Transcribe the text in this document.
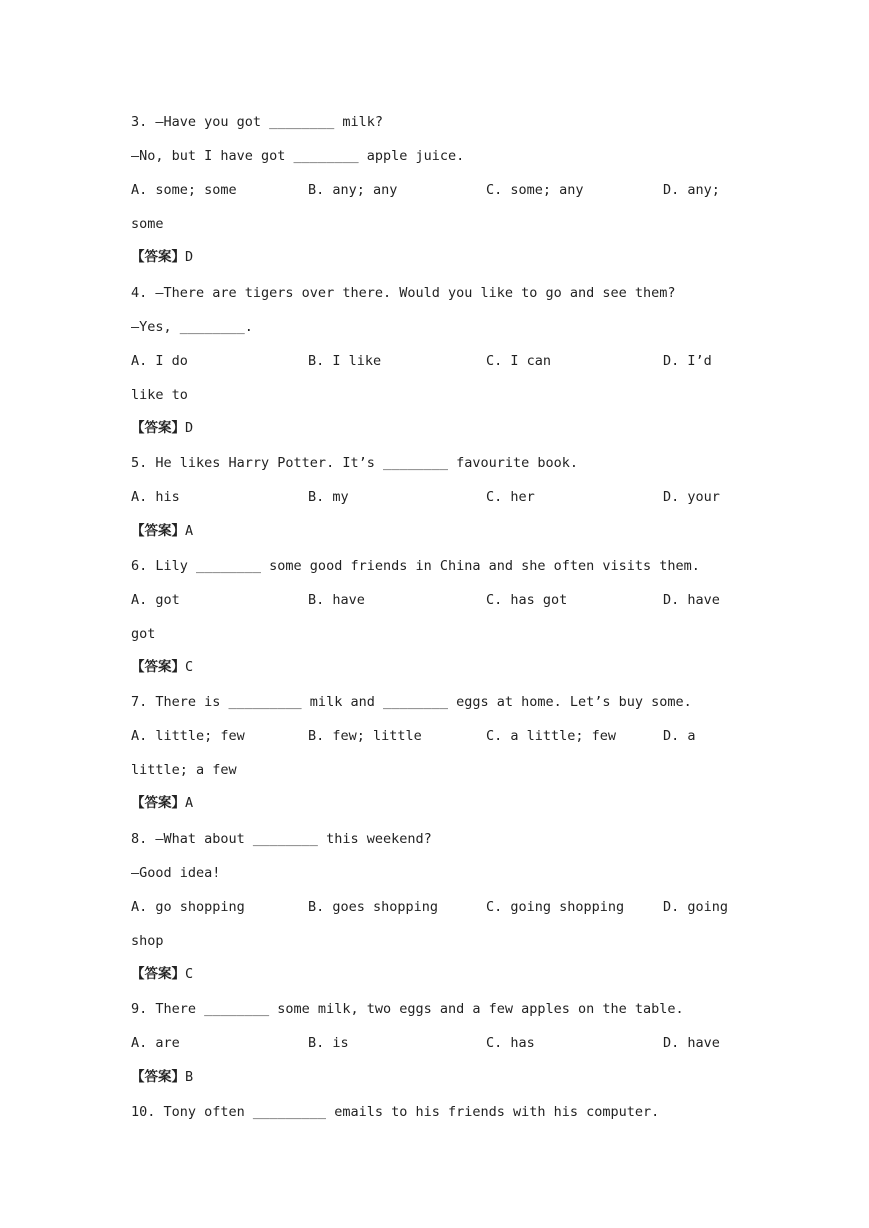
3. —Have you got ________ milk?
—No, but I have got ________ apple juice.
A. some; some	B. any; any	C. some; any	D. any;
some
【答案】D
4. —There are tigers over there. Would you like to go and see them?
—Yes, ________.
A. I do	B. I like	C. I can	D. I’d
like to
【答案】D
5. He likes Harry Potter. It’s ________ favourite book.
A. his	B. my	C. her	D. your
【答案】A
6. Lily ________ some good friends in China and she often visits them.
A. got	B. have	C. has got	D. have
got
【答案】C
7. There is _________ milk and ________ eggs at home. Let’s buy some.
A. little; few	B. few; little	C. a little; few	D. a
little; a few
【答案】A
8. —What about ________ this weekend?
—Good idea!
A. go shopping	B. goes shopping	C. going shopping	D. going
shop
【答案】C
9. There ________ some milk, two eggs and a few apples on the table.
A. are	B. is	C. has	D. have
【答案】B
10. Tony often _________ emails to his friends with his computer.
